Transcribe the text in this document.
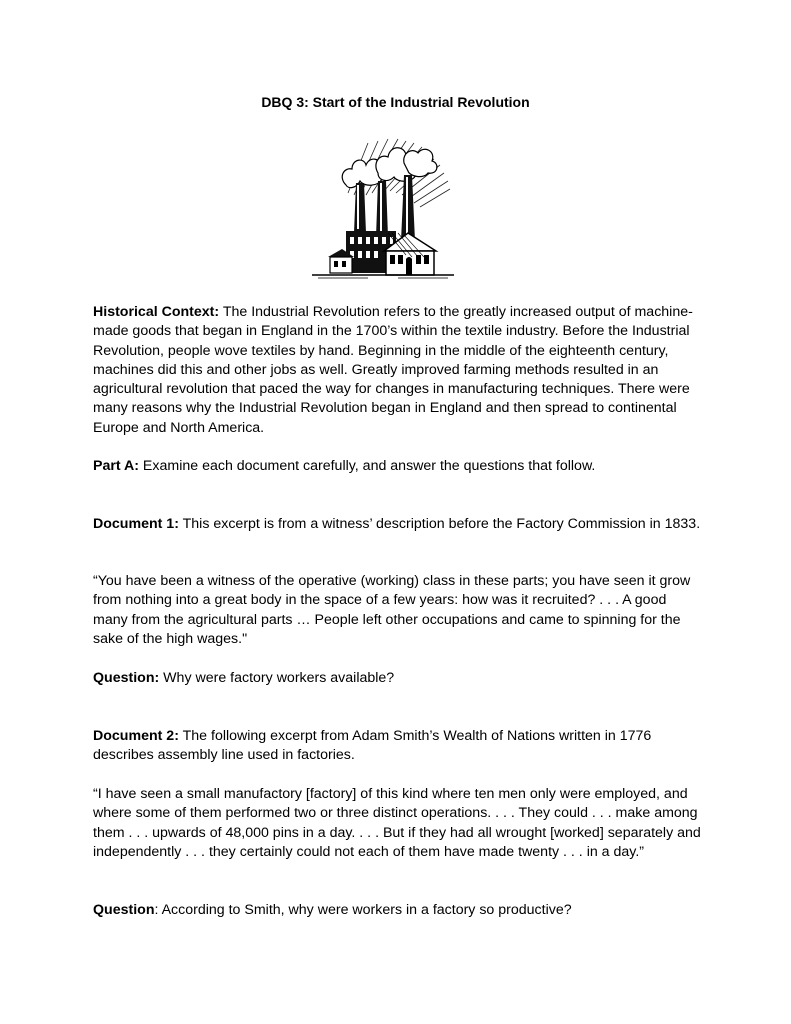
DBQ 3: Start of the Industrial Revolution

Historical Context: The Industrial Revolution refers to the greatly increased output of machine-made goods that began in England in the 1700’s within the textile industry. Before the Industrial Revolution, people wove textiles by hand. Beginning in the middle of the eighteenth century, machines did this and other jobs as well. Greatly improved farming methods resulted in an agricultural revolution that paced the way for changes in manufacturing techniques. There were many reasons why the Industrial Revolution began in England and then spread to continental Europe and North America.

Part A: Examine each document carefully, and answer the questions that follow.

Document 1: This excerpt is from a witness’ description before the Factory Commission in 1833.

“You have been a witness of the operative (working) class in these parts; you have seen it grow from nothing into a great body in the space of a few years: how was it recruited? . . . A good many from the agricultural parts … People left other occupations and came to spinning for the sake of the high wages."

Question: Why were factory workers available?

Document 2: The following excerpt from Adam Smith’s Wealth of Nations written in 1776 describes assembly line used in factories.

“I have seen a small manufactory [factory] of this kind where ten men only were employed, and where some of them performed two or three distinct operations. . . . They could . . . make among them . . . upwards of 48,000 pins in a day. . . . But if they had all wrought [worked] separately and independently . . . they certainly could not each of them have made twenty . . . in a day.”

Question: According to Smith, why were workers in a factory so productive?
